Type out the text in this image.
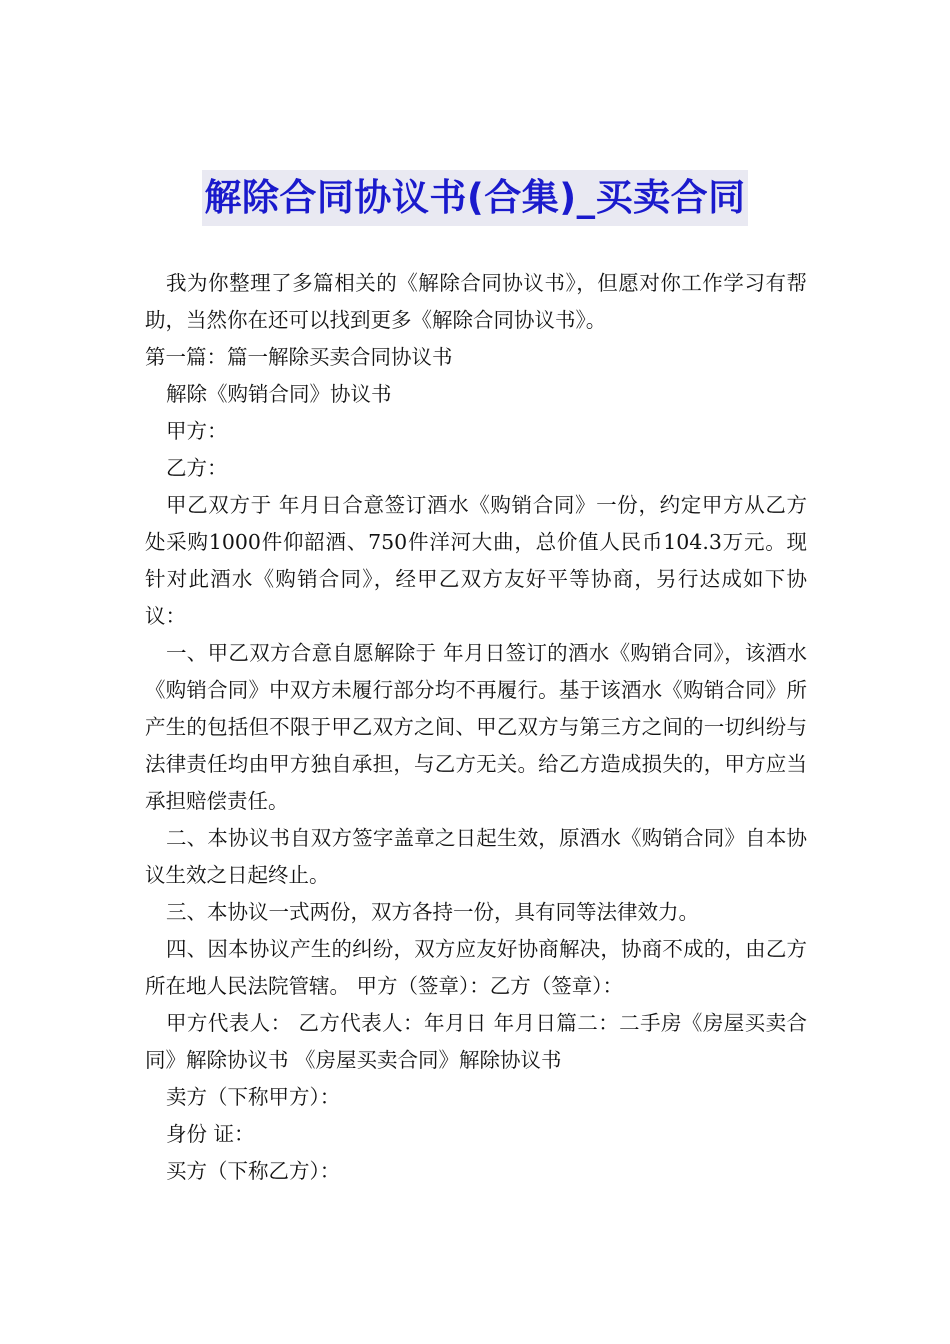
解除合同协议书(合集)_买卖合同

我为你整理了多篇相关的《解除合同协议书》，但愿对你工作学习有帮助，当然你在还可以找到更多《解除合同协议书》。

第一篇：篇一解除买卖合同协议书

解除《购销合同》协议书

甲方：

乙方：

甲乙双方于 年月日合意签订酒水《购销合同》一份，约定甲方从乙方处采购1000件仰韶酒、750件洋河大曲，总价值人民币104.3万元。现针对此酒水《购销合同》，经甲乙双方友好平等协商，另行达成如下协议：

一、甲乙双方合意自愿解除于 年月日签订的酒水《购销合同》，该酒水《购销合同》中双方未履行部分均不再履行。基于该酒水《购销合同》所产生的包括但不限于甲乙双方之间、甲乙双方与第三方之间的一切纠纷与法律责任均由甲方独自承担，与乙方无关。给乙方造成损失的，甲方应当承担赔偿责任。

二、本协议书自双方签字盖章之日起生效，原酒水《购销合同》自本协议生效之日起终止。

三、本协议一式两份，双方各持一份，具有同等法律效力。

四、因本协议产生的纠纷，双方应友好协商解决，协商不成的，由乙方所在地人民法院管辖。 甲方（签章）：乙方（签章）：

甲方代表人： 乙方代表人：年月日 年月日篇二：二手房《房屋买卖合同》解除协议书 《房屋买卖合同》解除协议书

卖方（下称甲方）：

身份 证：

买方（下称乙方）：
